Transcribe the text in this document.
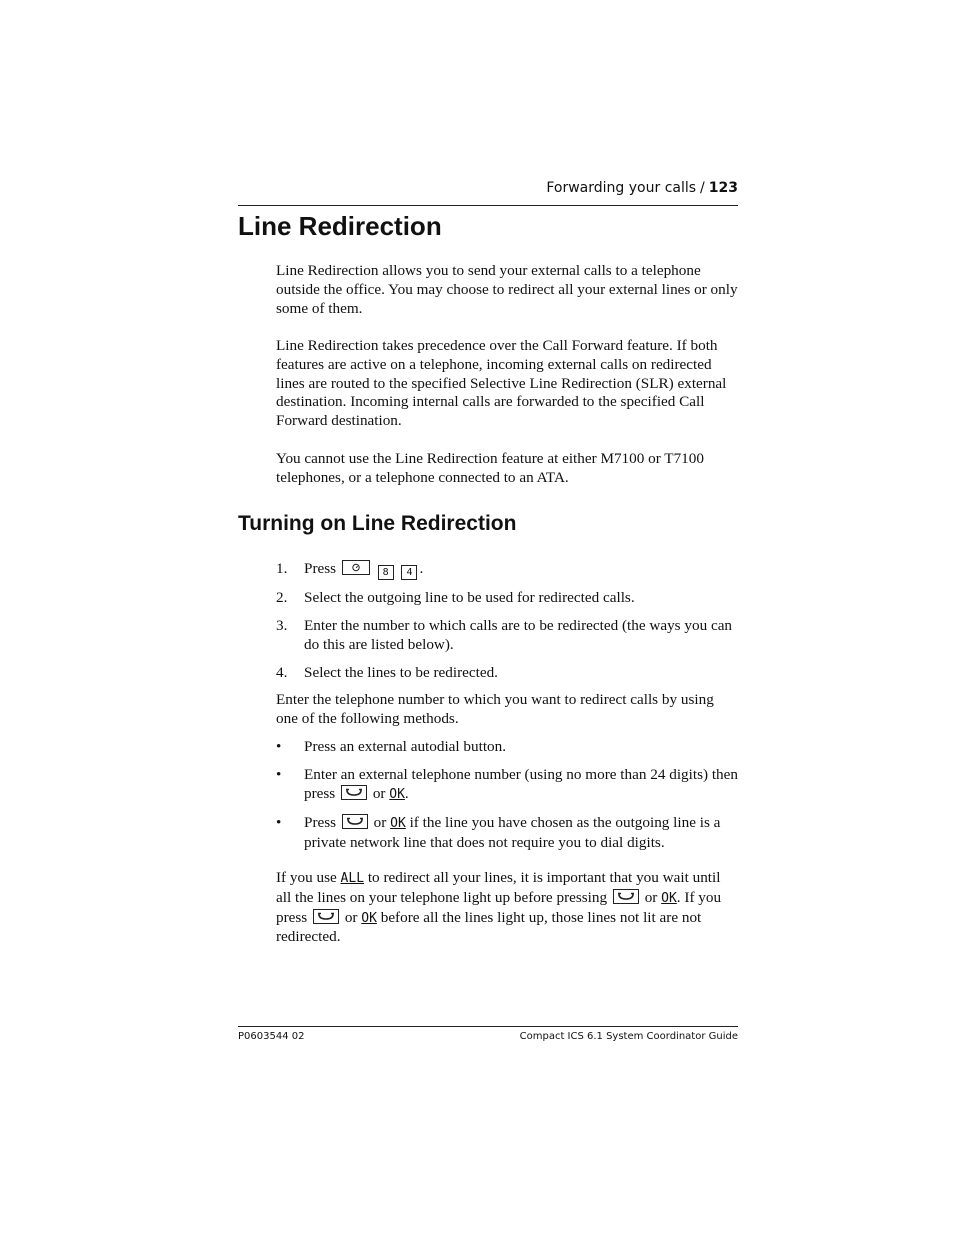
Forwarding your calls / 123
Line Redirection

Line Redirection allows you to send your external calls to a telephone outside the office. You may choose to redirect all your external lines or only some of them.

Line Redirection takes precedence over the Call Forward feature. If both features are active on a telephone, incoming external calls on redirected lines are routed to the specified Selective Line Redirection (SLR) external destination. Incoming internal calls are forwarded to the specified Call Forward destination.

You cannot use the Line Redirection feature at either M7100 or T7100 telephones, or a telephone connected to an ATA.

Turning on Line Redirection
1. Press	8 4 .
2. Select the outgoing line to be used for redirected calls.
3. Enter the number to which calls are to be redirected (the ways you can do this are listed below).
4. Select the lines to be redirected.

Enter the telephone number to which you want to redirect calls by using one of the following methods.

• Press an external autodial button.
• Enter an external telephone number (using no more than 24 digits) then press or OK.
• Press or OK if the line you have chosen as the outgoing line is a private network line that does not require you to dial digits.

If you use ALL to redirect all your lines, it is important that you wait until all the lines on your telephone light up before pressing or OK. If you press or OK before all the lines light up, those lines not lit are not redirected.

P0603544 02	Compact ICS 6.1 System Coordinator Guide
